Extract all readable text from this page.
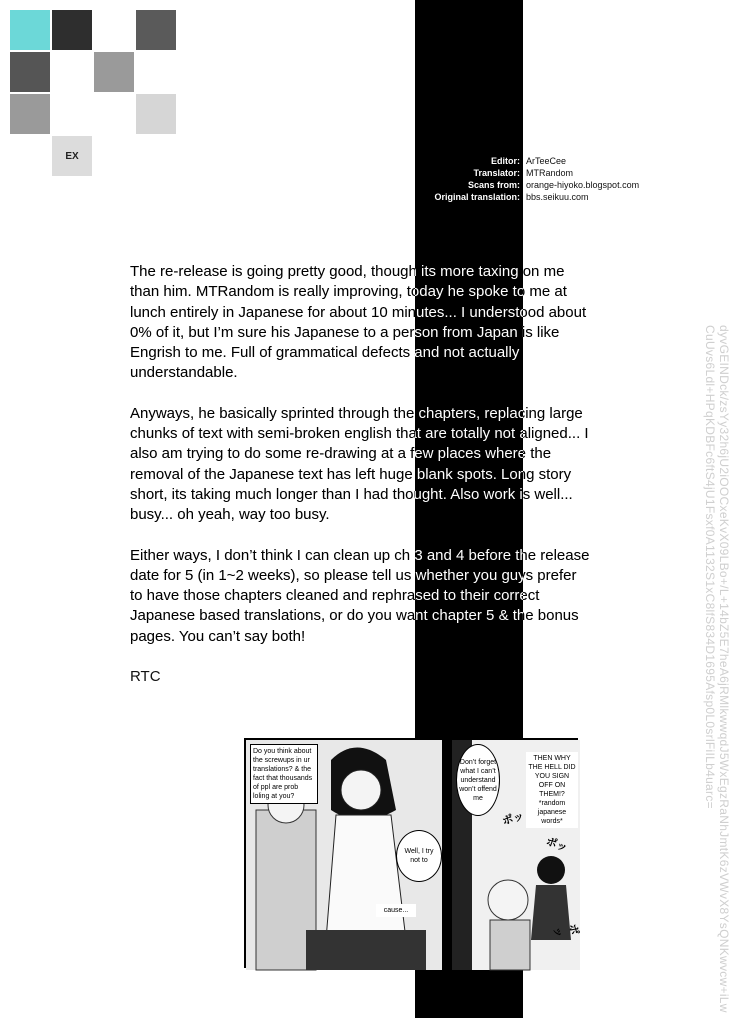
EX	Editor: ArTeeCee
Translator: MTRandom
Scans from: orange-hiyoko.blogspot.com
Original translation: bbs.seikuu.com

The re-release is going pretty good, though its more taxing on me than him. MTRandom is really improving, today he spoke to me at lunch entirely in Japanese for about 10 minutes... I understood about 0% of it, but I’m sure his Japanese to a person from Japan is like Engrish to me. Full of grammatical defects and not actually understandable.

Anyways, he basically sprinted through the chapters, replacing large chunks of text with semi-broken english that are totally not aligned... I also am trying to do some re-drawing at a few places where the removal of the Japanese text has left huge blank spots. Long story short, its taking much longer than I had thought. Also work is well... busy... oh yeah, way too busy.

Either ways, I don’t think I can clean up ch 3 and 4 before the release date for 5 (in 1~2 weeks), so please tell us whether you guys prefer to have those chapters cleaned and rephrased to their correct Japanese based translations, or do you want chapter 5 & the bonus pages. You can’t say both!

RTC	dyvGEINDck/zsYy32h6jU2iOOCxeKvX09LBo+/L+14bZ5E7heA6jRMlkwwqdJ5WxEgzRaNhJmtK6zVWvX8YsQNKwvcw+iLwCuUvs6Ldl+HPqKDBFc6ftS4jU1Fsxf0A1132S1xC8lfS834D1695Afsp0L0srlFiILb4uarc=
Do you think about the screwups in ur translations? & the fact that thousands of ppl are prob loling at you?
Well, I try not to
cause...
Don’t forget what I can’t understand won’t offend me
THEN WHY THE HELL DID YOU SIGN OFF ON THEM!? *random japanese words*
ポッ
ポッ
ポッ
